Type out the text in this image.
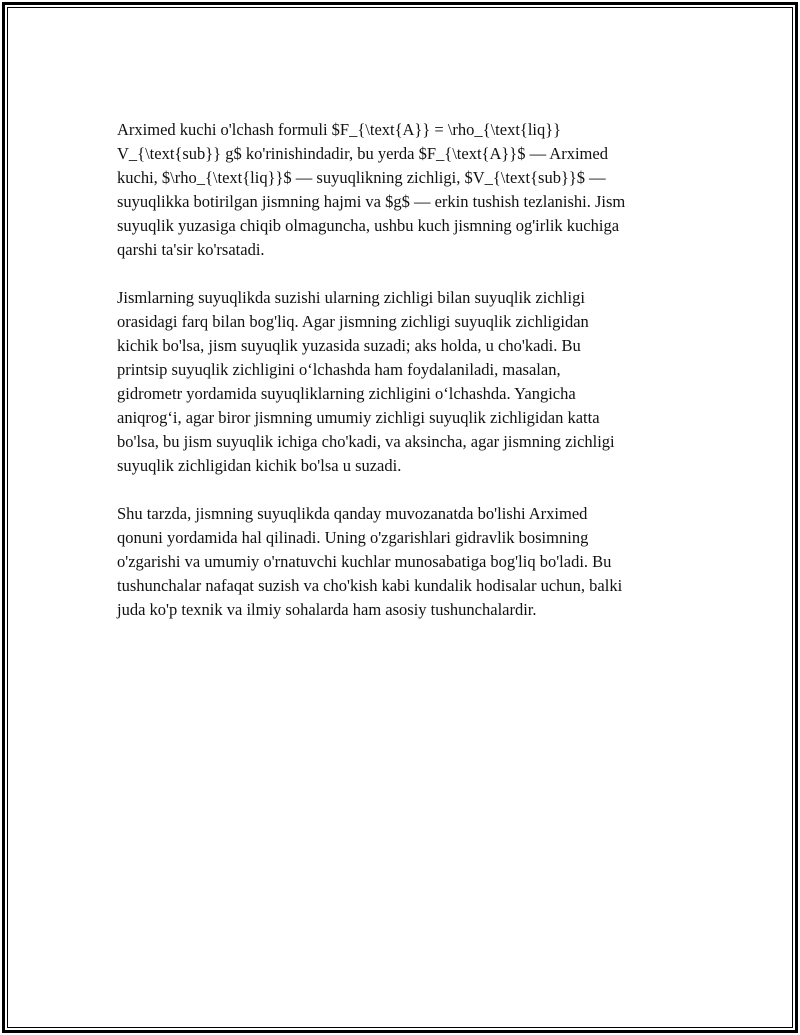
Arximed kuchi o'lchash formuli $F_{\text{A}} = \rho_{\text{liq}}
V_{\text{sub}} g$ ko'rinishindadir, bu yerda $F_{\text{A}}$ — Arximed
kuchi, $\rho_{\text{liq}}$ — suyuqlikning zichligi, $V_{\text{sub}}$ —
suyuqlikka botirilgan jismning hajmi va $g$ — erkin tushish tezlanishi. Jism
suyuqlik yuzasiga chiqib olmaguncha, ushbu kuch jismning og'irlik kuchiga
qarshi ta'sir ko'rsatadi.

Jismlarning suyuqlikda suzishi ularning zichligi bilan suyuqlik zichligi
orasidagi farq bilan bog'liq. Agar jismning zichligi suyuqlik zichligidan
kichik bo'lsa, jism suyuqlik yuzasida suzadi; aks holda, u cho'kadi. Bu
printsip suyuqlik zichligini o‘lchashda ham foydalaniladi, masalan,
gidrometr yordamida suyuqliklarning zichligini o‘lchashda. Yangicha
aniqrog‘i, agar biror jismning umumiy zichligi suyuqlik zichligidan katta
bo'lsa, bu jism suyuqlik ichiga cho'kadi, va aksincha, agar jismning zichligi
suyuqlik zichligidan kichik bo'lsa u suzadi.

Shu tarzda, jismning suyuqlikda qanday muvozanatda bo'lishi Arximed
qonuni yordamida hal qilinadi. Uning o'zgarishlari gidravlik bosimning
o'zgarishi va umumiy o'rnatuvchi kuchlar munosabatiga bog'liq bo'ladi. Bu
tushunchalar nafaqat suzish va cho'kish kabi kundalik hodisalar uchun, balki
juda ko'p texnik va ilmiy sohalarda ham asosiy tushunchalardir.
